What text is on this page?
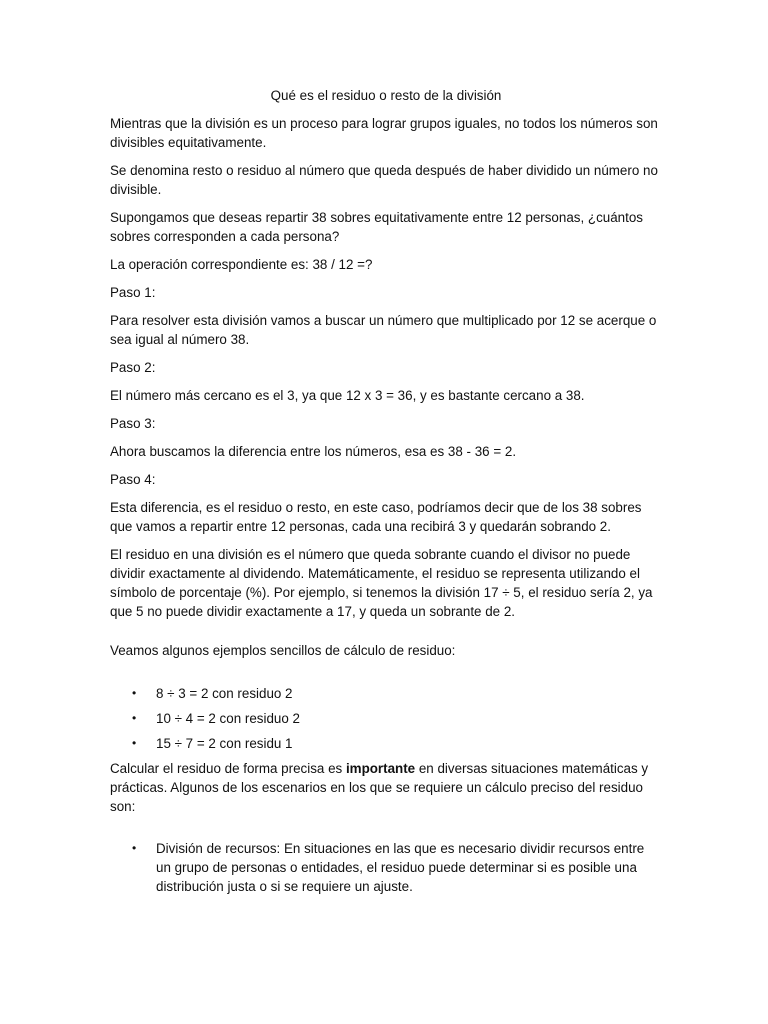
Qué es el residuo o resto de la división

Mientras que la división es un proceso para lograr grupos iguales, no todos los números son divisibles equitativamente.

Se denomina resto o residuo al número que queda después de haber dividido un número no divisible.

Supongamos que deseas repartir 38 sobres equitativamente entre 12 personas, ¿cuántos sobres corresponden a cada persona?

La operación correspondiente es: 38 / 12 =?

Paso 1:

Para resolver esta división vamos a buscar un número que multiplicado por 12 se acerque o sea igual al número 38.

Paso 2:

El número más cercano es el 3, ya que 12 x 3 = 36, y es bastante cercano a 38.

Paso 3:

Ahora buscamos la diferencia entre los números, esa es 38 - 36 = 2.

Paso 4:

Esta diferencia, es el residuo o resto, en este caso, podríamos decir que de los 38 sobres que vamos a repartir entre 12 personas, cada una recibirá 3 y quedarán sobrando 2.

El residuo en una división es el número que queda sobrante cuando el divisor no puede dividir exactamente al dividendo. Matemáticamente, el residuo se representa utilizando el símbolo de porcentaje (%). Por ejemplo, si tenemos la división 17 ÷ 5, el residuo sería 2, ya que 5 no puede dividir exactamente a 17, y queda un sobrante de 2.

Veamos algunos ejemplos sencillos de cálculo de residuo:

• 8 ÷ 3 = 2 con residuo 2
• 10 ÷ 4 = 2 con residuo 2
• 15 ÷ 7 = 2 con residu 1

Calcular el residuo de forma precisa es importante en diversas situaciones matemáticas y prácticas. Algunos de los escenarios en los que se requiere un cálculo preciso del residuo son:

• División de recursos: En situaciones en las que es necesario dividir recursos entre un grupo de personas o entidades, el residuo puede determinar si es posible una distribución justa o si se requiere un ajuste.
